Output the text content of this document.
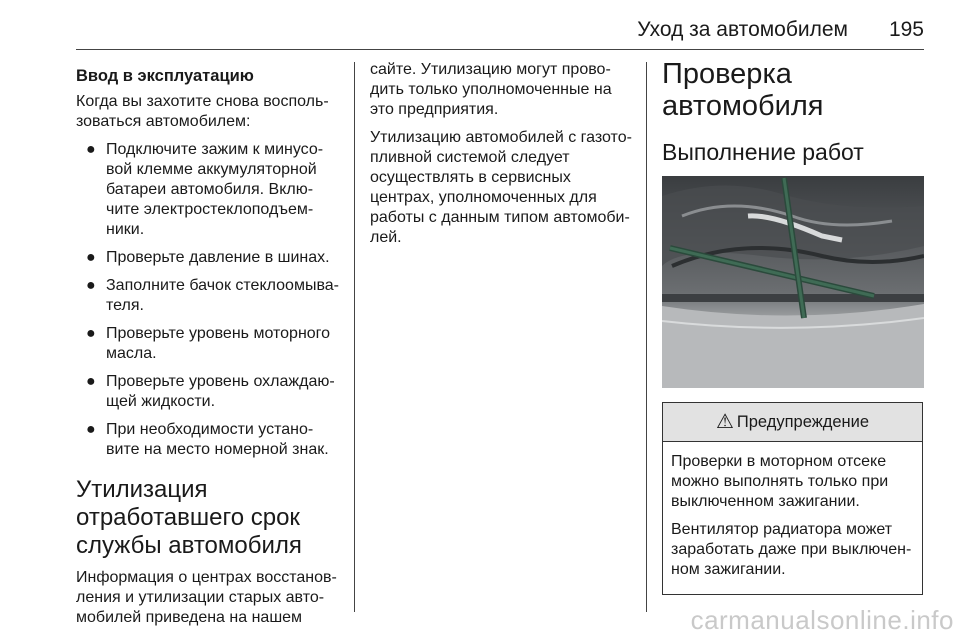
Уход за автомобилем 195
Ввод в эксплуатацию

Когда вы захотите снова восполь-
зоваться автомобилем:

● Подключите зажим к минусо-
вой клемме аккумуляторной
батареи автомобиля. Вклю-
чите электростеклоподъем-
ники.
● Проверьте давление в шинах.
● Заполните бачок стеклоомыва-
теля.
● Проверьте уровень моторного
масла.
● Проверьте уровень охлаждаю-
щей жидкости.
● При необходимости устано-
вите на место номерной знак.
Утилизация
отработавшего срок
службы автомобиля

Информация о центрах восстанов-
ления и утилизации старых авто-
мобилей приведена на нашем

сайте. Утилизацию могут прово-
дить только уполномоченные на
это предприятия.

Утилизацию автомобилей с газото-
пливной системой следует
осуществлять в сервисных
центрах, уполномоченных для
работы с данным типом автомоби-
лей.

Проверка автомобиля
Выполнение работ
⚠ Предупреждение

Проверки в моторном отсеке
можно выполнять только при
выключенном зажигании.

Вентилятор радиатора может
заработать даже при выключен-
ном зажигании.

carmanualsonline.info
